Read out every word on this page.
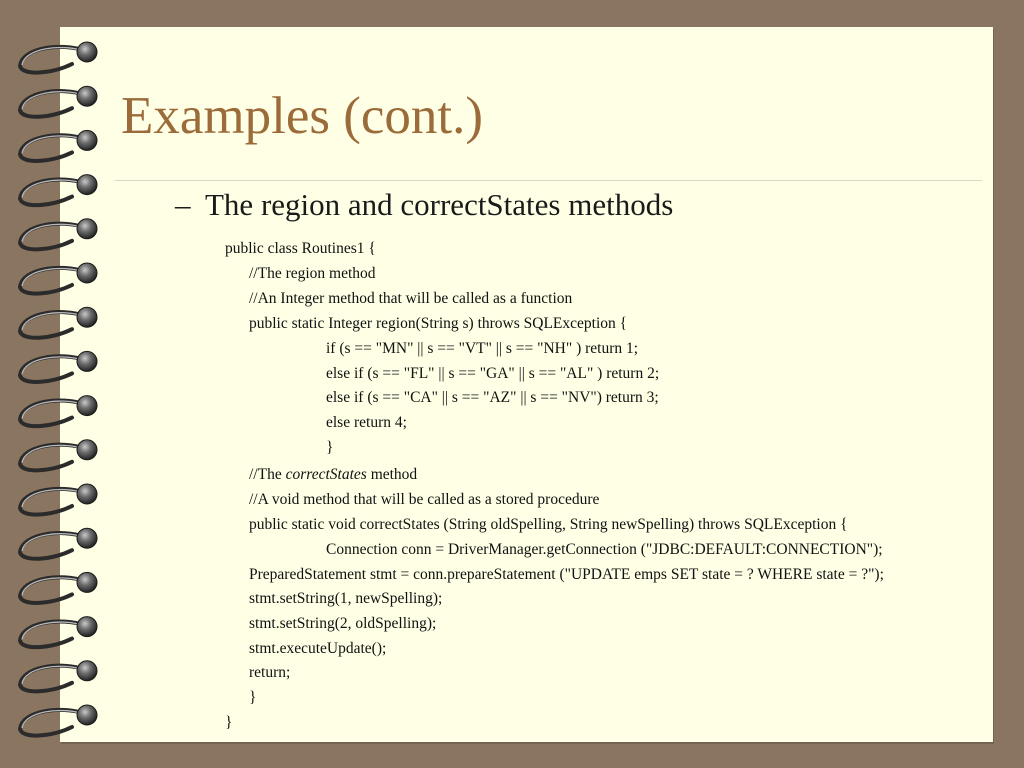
Examples (cont.)
– The region and correctStates methods
public class Routines1 {
//The region method
//An Integer method that will be called as a function
public static Integer region(String s) throws SQLException {
if (s == "MN" || s == "VT" || s == "NH" ) return 1;
else if (s == "FL" || s == "GA" || s == "AL" ) return 2;
else if (s == "CA" || s == "AZ" || s == "NV") return 3;
else return 4;
}
//The correctStates method
//A void method that will be called as a stored procedure
public static void correctStates (String oldSpelling, String newSpelling) throws SQLException {
Connection conn = DriverManager.getConnection ("JDBC:DEFAULT:CONNECTION");
PreparedStatement stmt = conn.prepareStatement ("UPDATE emps SET state = ? WHERE state = ?");
stmt.setString(1, newSpelling);
stmt.setString(2, oldSpelling);
stmt.executeUpdate();
return;
}
}
